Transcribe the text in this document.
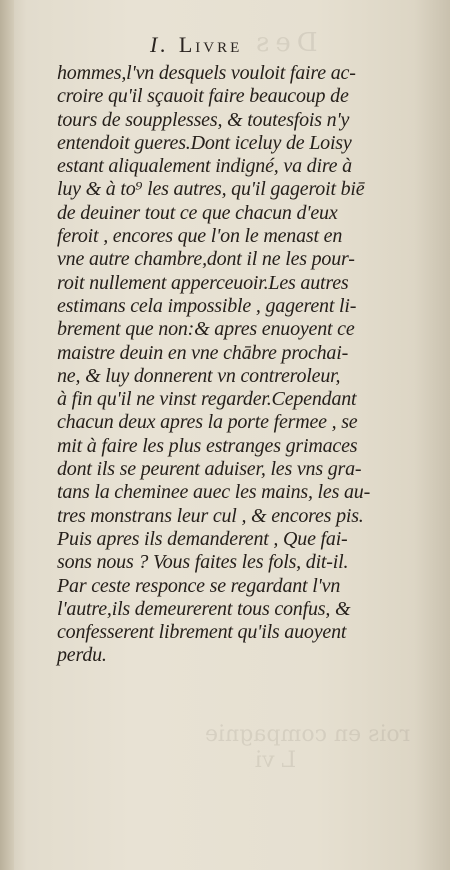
Des
rois en compagnie
L vi
I. Livre
hommes,l'vn desquels vouloit faire ac-
croire qu'il sçauoit faire beaucoup de
tours de soupplesses, & toutesfois n'y
entendoit gueres.Dont iceluy de Loisy
estant aliqualement indigné, va dire à
luy & à to⁹ les autres, qu'il gageroit biē
de deuiner tout ce que chacun d'eux
feroit , encores que l'on le menast en
vne autre chambre,dont il ne les pour-
roit nullement apperceuoir.Les autres
estimans cela impossible , gagerent li-
brement que non:& apres enuoyent ce
maistre deuin en vne chābre prochai-
ne, & luy donnerent vn contreroleur,
à fin qu'il ne vinst regarder.Cependant
chacun deux apres la porte fermee , se
mit à faire les plus estranges grimaces
dont ils se peurent aduiser, les vns gra-
tans la cheminee auec les mains, les au-
tres monstrans leur cul , & encores pis.
Puis apres ils demanderent , Que fai-
sons nous ? Vous faites les fols, dit-il.
Par ceste responce se regardant l'vn
l'autre,ils demeurerent tous confus, &
confesserent librement qu'ils auoyent
perdu.
